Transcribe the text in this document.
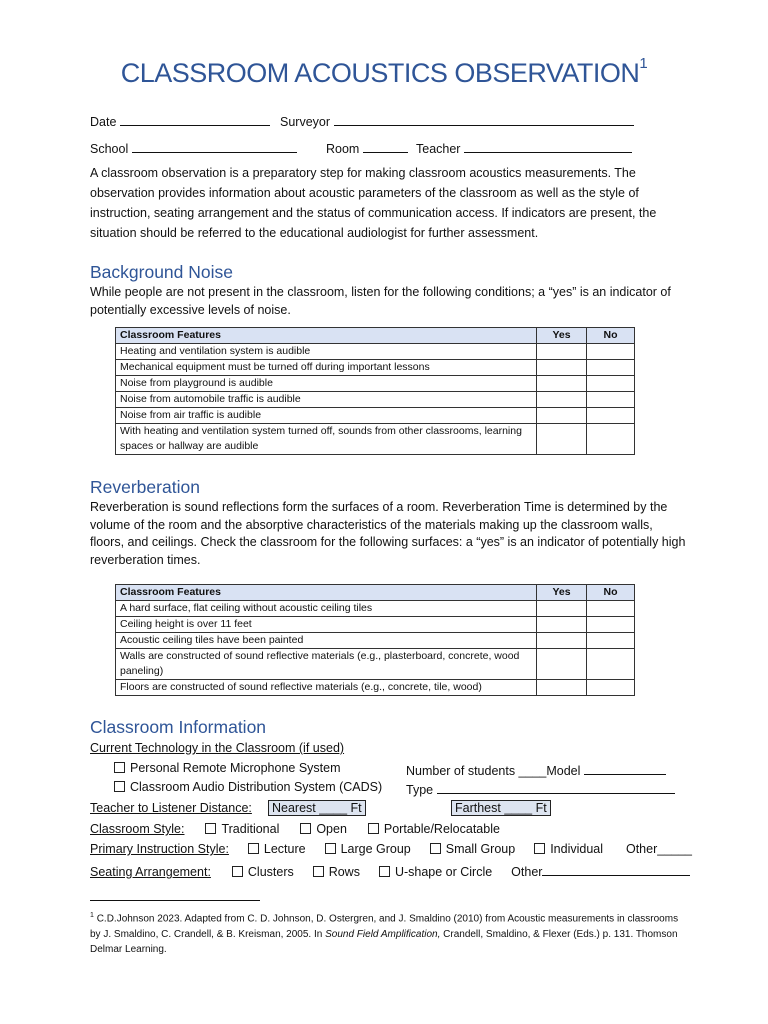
CLASSROOM ACOUSTICS OBSERVATION$^1$
Date	Surveyor
School	Room	Teacher
A classroom observation is a preparatory step for making classroom acoustics measurements. The observation provides information about acoustic parameters of the classroom as well as the style of instruction, seating arrangement and the status of communication access. If indicators are present, the situation should be referred to the educational audiologist for further assessment.
Background Noise
While people are not present in the classroom, listen for the following conditions; a “yes” is an indicator of potentially excessive levels of noise.
Classroom Features	Yes	No
Heating and ventilation system is audible		
Mechanical equipment must be turned off during important lessons		
Noise from playground is audible		
Noise from automobile traffic is audible		
Noise from air traffic is audible		
With heating and ventilation system turned off, sounds from other classrooms, learning spaces or hallway are audible		
Reverberation
Reverberation is sound reflections form the surfaces of a room. Reverberation Time is determined by the volume of the room and the absorptive characteristics of the materials making up the classroom walls, floors, and ceilings. Check the classroom for the following surfaces: a “yes” is an indicator of potentially high reverberation times.
Classroom Features	Yes	No
A hard surface, flat ceiling without acoustic ceiling tiles		
Ceiling height is over 11 feet		
Acoustic ceiling tiles have been painted		
Walls are constructed of sound reflective materials (e.g., plasterboard, concrete, wood paneling)		
Floors are constructed of sound reflective materials (e.g., concrete, tile, wood)		
Classroom Information
Current Technology in the Classroom (if used)
Personal Remote Microphone System	Number of students ____Model
Classroom Audio Distribution System (CADS) Type
Teacher to Listener Distance:	Nearest ____ Ft	Farthest ____ Ft
Classroom Style:	Traditional	Open	Portable/Relocatable
Primary Instruction Style:	Lecture	Large Group	Small Group	Individual Other_____
Seating Arrangement:	Clusters	Rows	U-shape or Circle Other
$^1$ C.D.Johnson 2023. Adapted from C. D. Johnson, D. Ostergren, and J. Smaldino (2010) from Acoustic measurements in classrooms by J. Smaldino, C. Crandell, & B. Kreisman, 2005. In Sound Field Amplification, Crandell, Smaldino, & Flexer (Eds.) p. 131. Thomson Delmar Learning.
